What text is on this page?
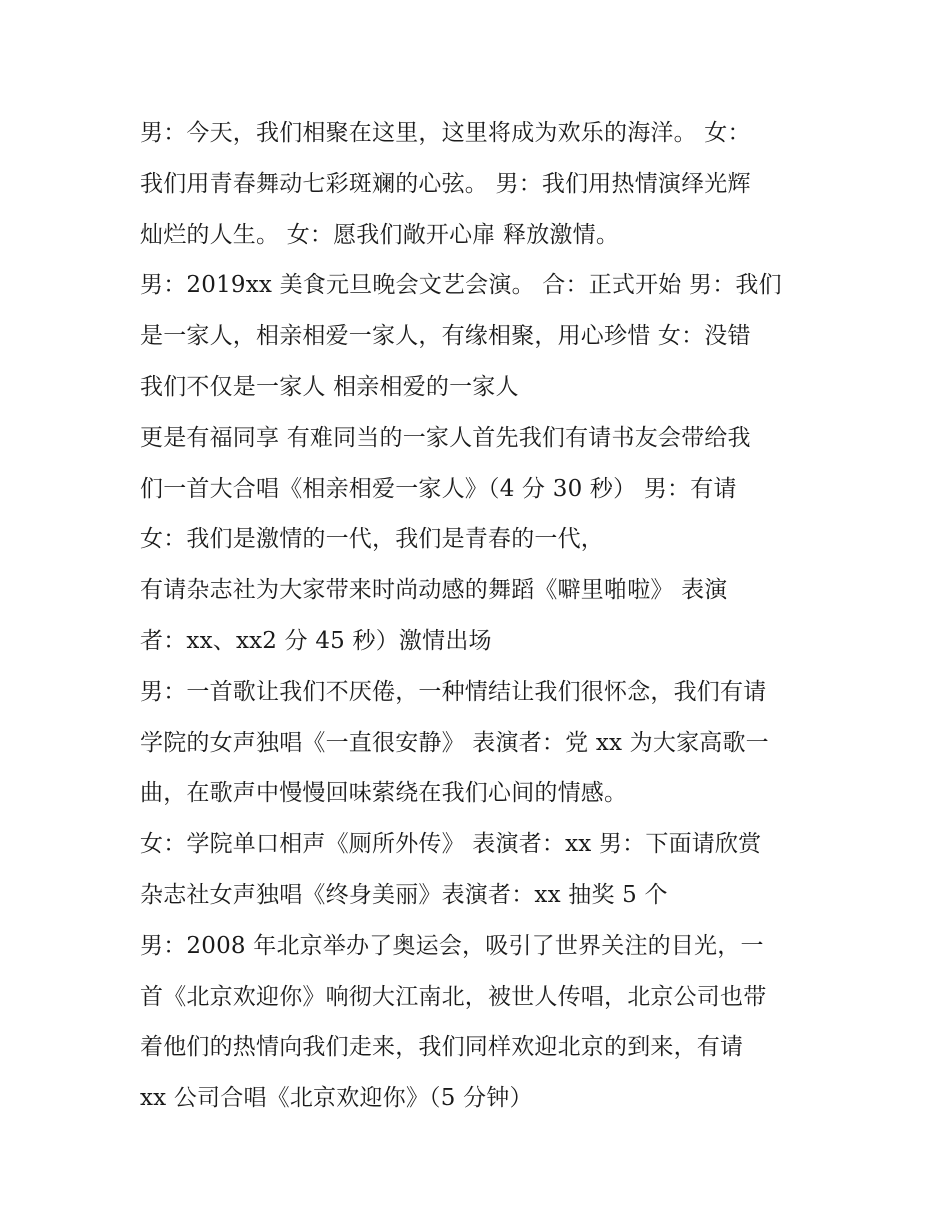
男：今天，我们相聚在这里，这里将成为欢乐的海洋。 女：
我们用青春舞动七彩斑斓的心弦。 男：我们用热情演绎光辉
灿烂的人生。 女：愿我们敞开心扉 释放激情。
男：2019xx 美食元旦晚会文艺会演。 合：正式开始 男：我们
是一家人，相亲相爱一家人，有缘相聚，用心珍惜 女：没错
我们不仅是一家人 相亲相爱的一家人
更是有福同享 有难同当的一家人首先我们有请书友会带给我
们一首大合唱《相亲相爱一家人》（4 分 30 秒） 男：有请
女：我们是激情的一代，我们是青春的一代，
有请杂志社为大家带来时尚动感的舞蹈《噼里啪啦》 表演
者：xx、xx2 分 45 秒）激情出场
男：一首歌让我们不厌倦，一种情结让我们很怀念，我们有请
学院的女声独唱《一直很安静》 表演者：党 xx 为大家高歌一
曲，在歌声中慢慢回味萦绕在我们心间的情感。
女：学院单口相声《厕所外传》 表演者：xx 男：下面请欣赏
杂志社女声独唱《终身美丽》表演者：xx 抽奖 5 个
男：2008 年北京举办了奥运会，吸引了世界关注的目光，一
首《北京欢迎你》响彻大江南北，被世人传唱，北京公司也带
着他们的热情向我们走来，我们同样欢迎北京的到来，有请
xx 公司合唱《北京欢迎你》（5 分钟）
